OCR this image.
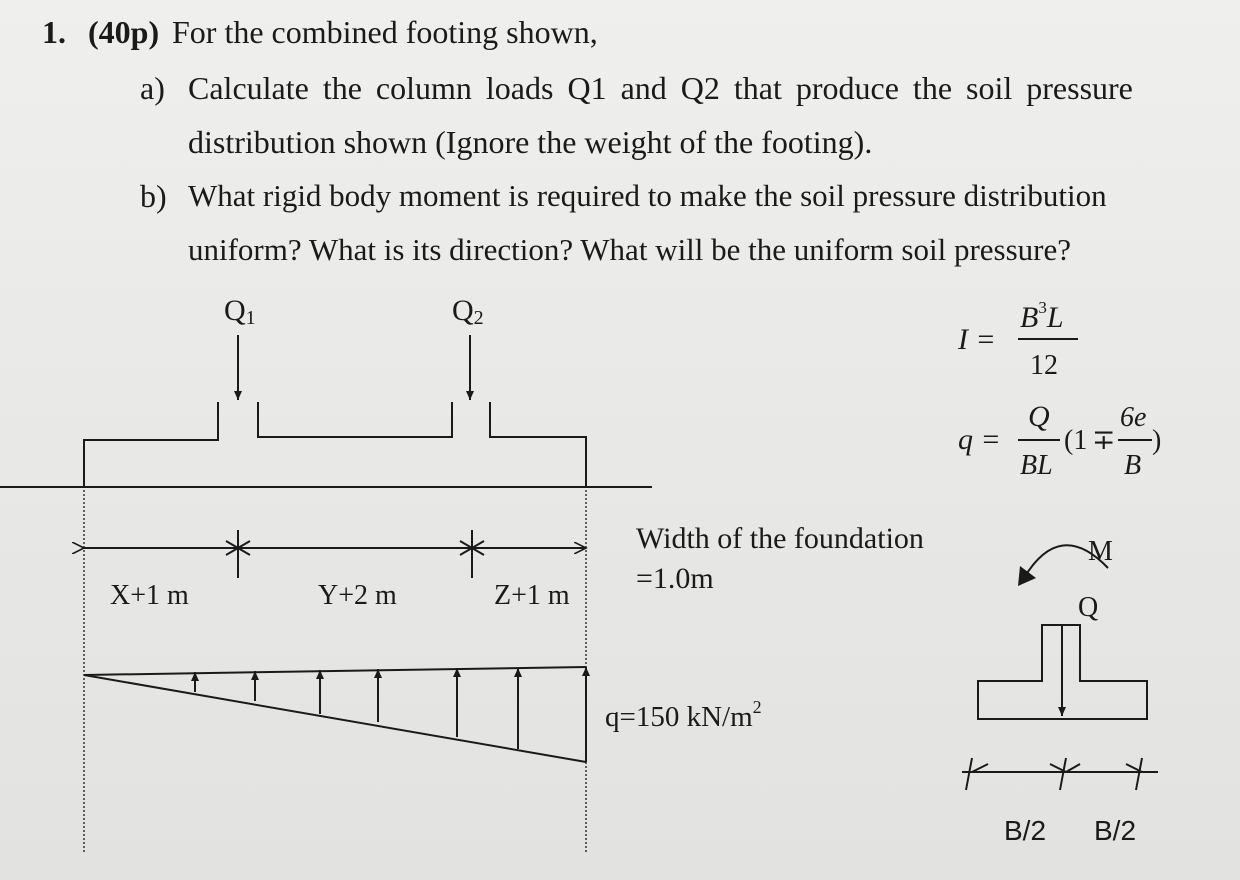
1. (40p) For the combined footing shown,
a) Calculate the column loads Q1 and Q2 that produce the soil pressure
distribution shown (Ignore the weight of the footing).
b) What rigid body moment is required to make the soil pressure distribution
uniform? What is its direction? What will be the uniform soil pressure?
Q1	Q2
X+1 m	Y+2 m	Z+1 m
Width of the foundation
=1.0m
q=150 $kN/m^2$
I =
$B^3L$
12
q =
Q
BL
(1 ∓
6e
B
)
M
Q
B/2 B/2
